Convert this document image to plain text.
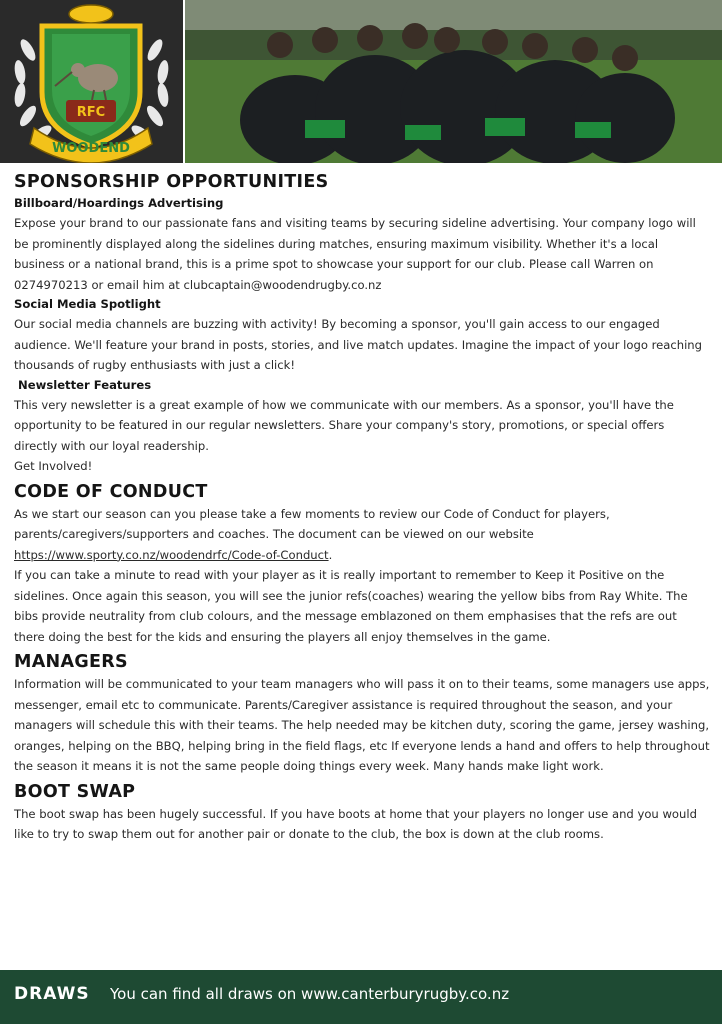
RFC
WOODEND
SPONSORSHIP OPPORTUNITIES
Billboard/Hoardings Advertising
Expose your brand to our passionate fans and visiting teams by securing sideline advertising. Your company logo will be prominently displayed along the sidelines during matches, ensuring maximum visibility. Whether it's a local business or a national brand, this is a prime spot to showcase your support for our club. Please call Warren on 0274970213 or email him at clubcaptain@woodendrugby.co.nz
Social Media Spotlight
Our social media channels are buzzing with activity! By becoming a sponsor, you'll gain access to our engaged audience. We'll feature your brand in posts, stories, and live match updates. Imagine the impact of your logo reaching thousands of rugby enthusiasts with just a click!
Newsletter Features
This very newsletter is a great example of how we communicate with our members. As a sponsor, you'll have the opportunity to be featured in our regular newsletters. Share your company's story, promotions, or special offers directly with our loyal readership.
Get Involved!
CODE OF CONDUCT
As we start our season can you please take a few moments to review our Code of Conduct for players, parents/caregivers/supporters and coaches. The document can be viewed on our website https://www.sporty.co.nz/woodendrfc/Code-of-Conduct.
If you can take a minute to read with your player as it is really important to remember to Keep it Positive on the sidelines. Once again this season, you will see the junior refs(coaches) wearing the yellow bibs from Ray White. The bibs provide neutrality from club colours, and the message emblazoned on them emphasises that the refs are out there doing the best for the kids and ensuring the players all enjoy themselves in the game.
MANAGERS
Information will be communicated to your team managers who will pass it on to their teams, some managers use apps, messenger, email etc to communicate. Parents/Caregiver assistance is required throughout the season, and your managers will schedule this with their teams. The help needed may be kitchen duty, scoring the game, jersey washing, oranges, helping on the BBQ, helping bring in the field flags, etc If everyone lends a hand and offers to help throughout the season it means it is not the same people doing things every week. Many hands make light work.
BOOT SWAP
The boot swap has been hugely successful. If you have boots at home that your players no longer use and you would like to try to swap them out for another pair or donate to the club, the box is down at the club rooms.
DRAWS You can find all draws on www.canterburyrugby.co.nz
